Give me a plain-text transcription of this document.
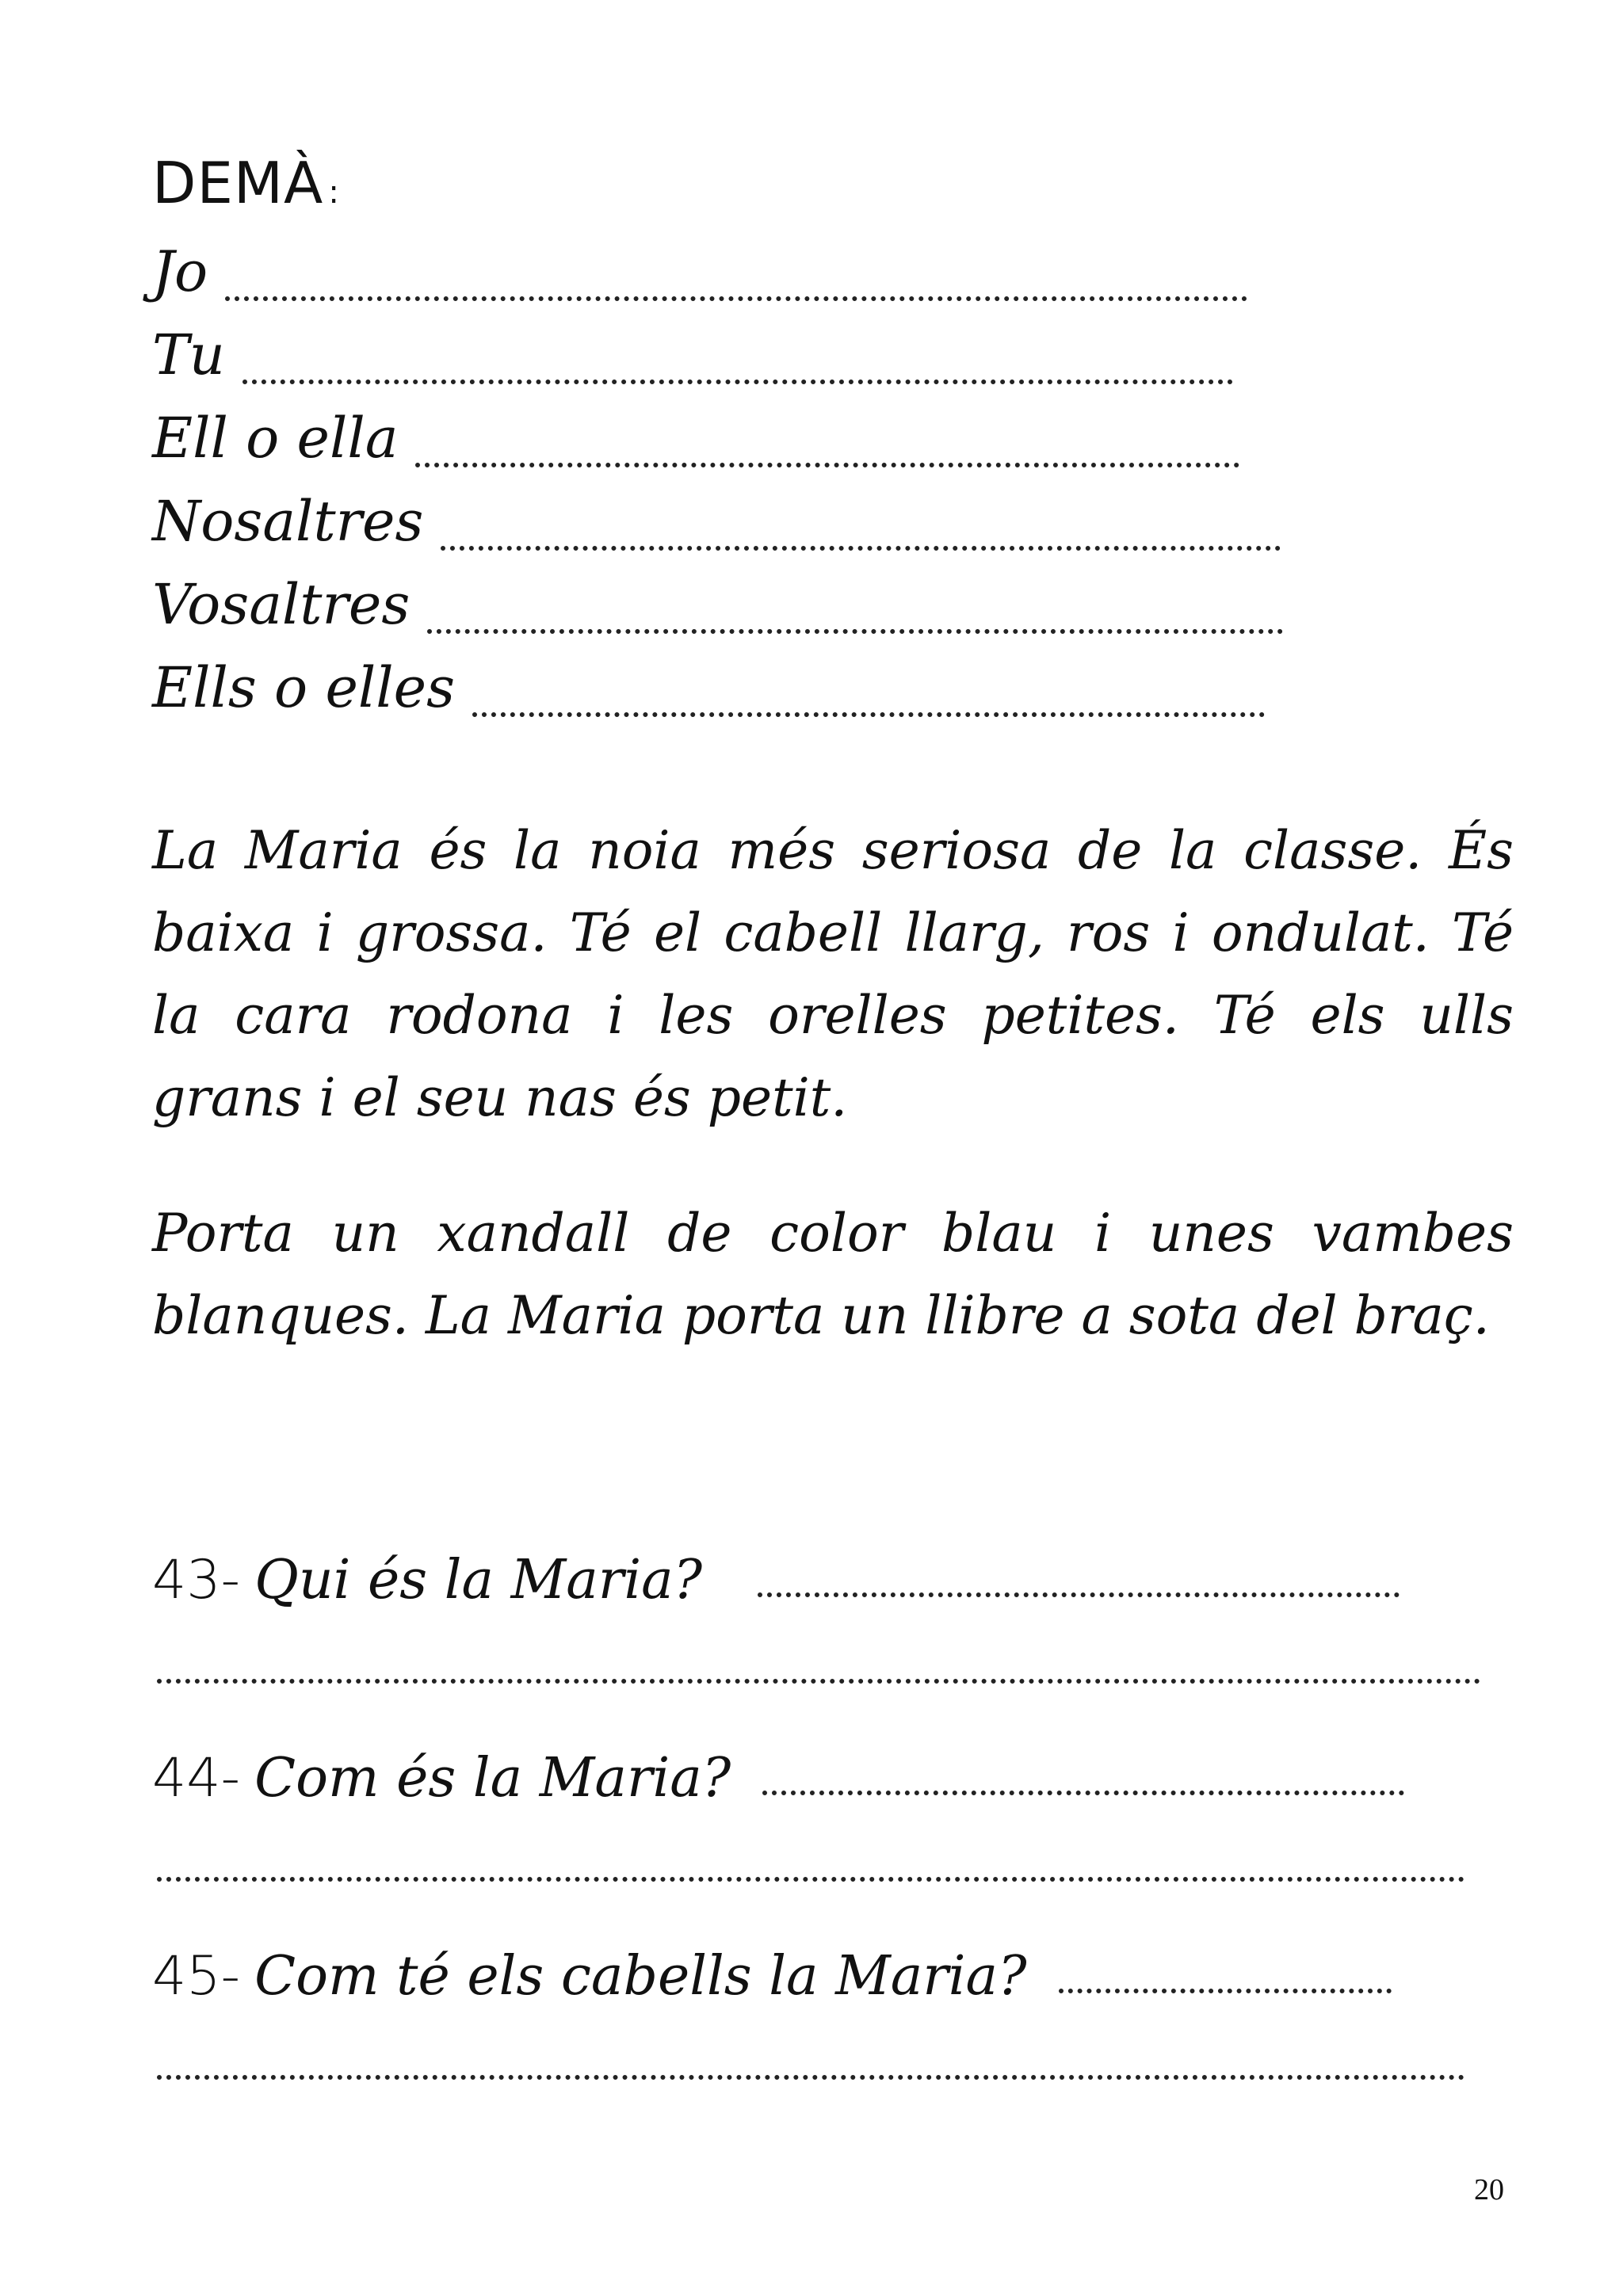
DEMÀ :
Jo
Tu
Ell o ella
Nosaltres
Vosaltres
Ells o elles
La Maria és la noia més seriosa de la classe. És baixa i grossa. Té el cabell llarg, ros i ondulat. Té la cara rodona i les orelles petites. Té els ulls grans i el seu nas és petit.
Porta un xandall de color blau i unes vambes blanques. La Maria porta un llibre a sota del braç.
43- Qui és la Maria?
44- Com és la Maria?
45- Com té els cabells la Maria?
20
